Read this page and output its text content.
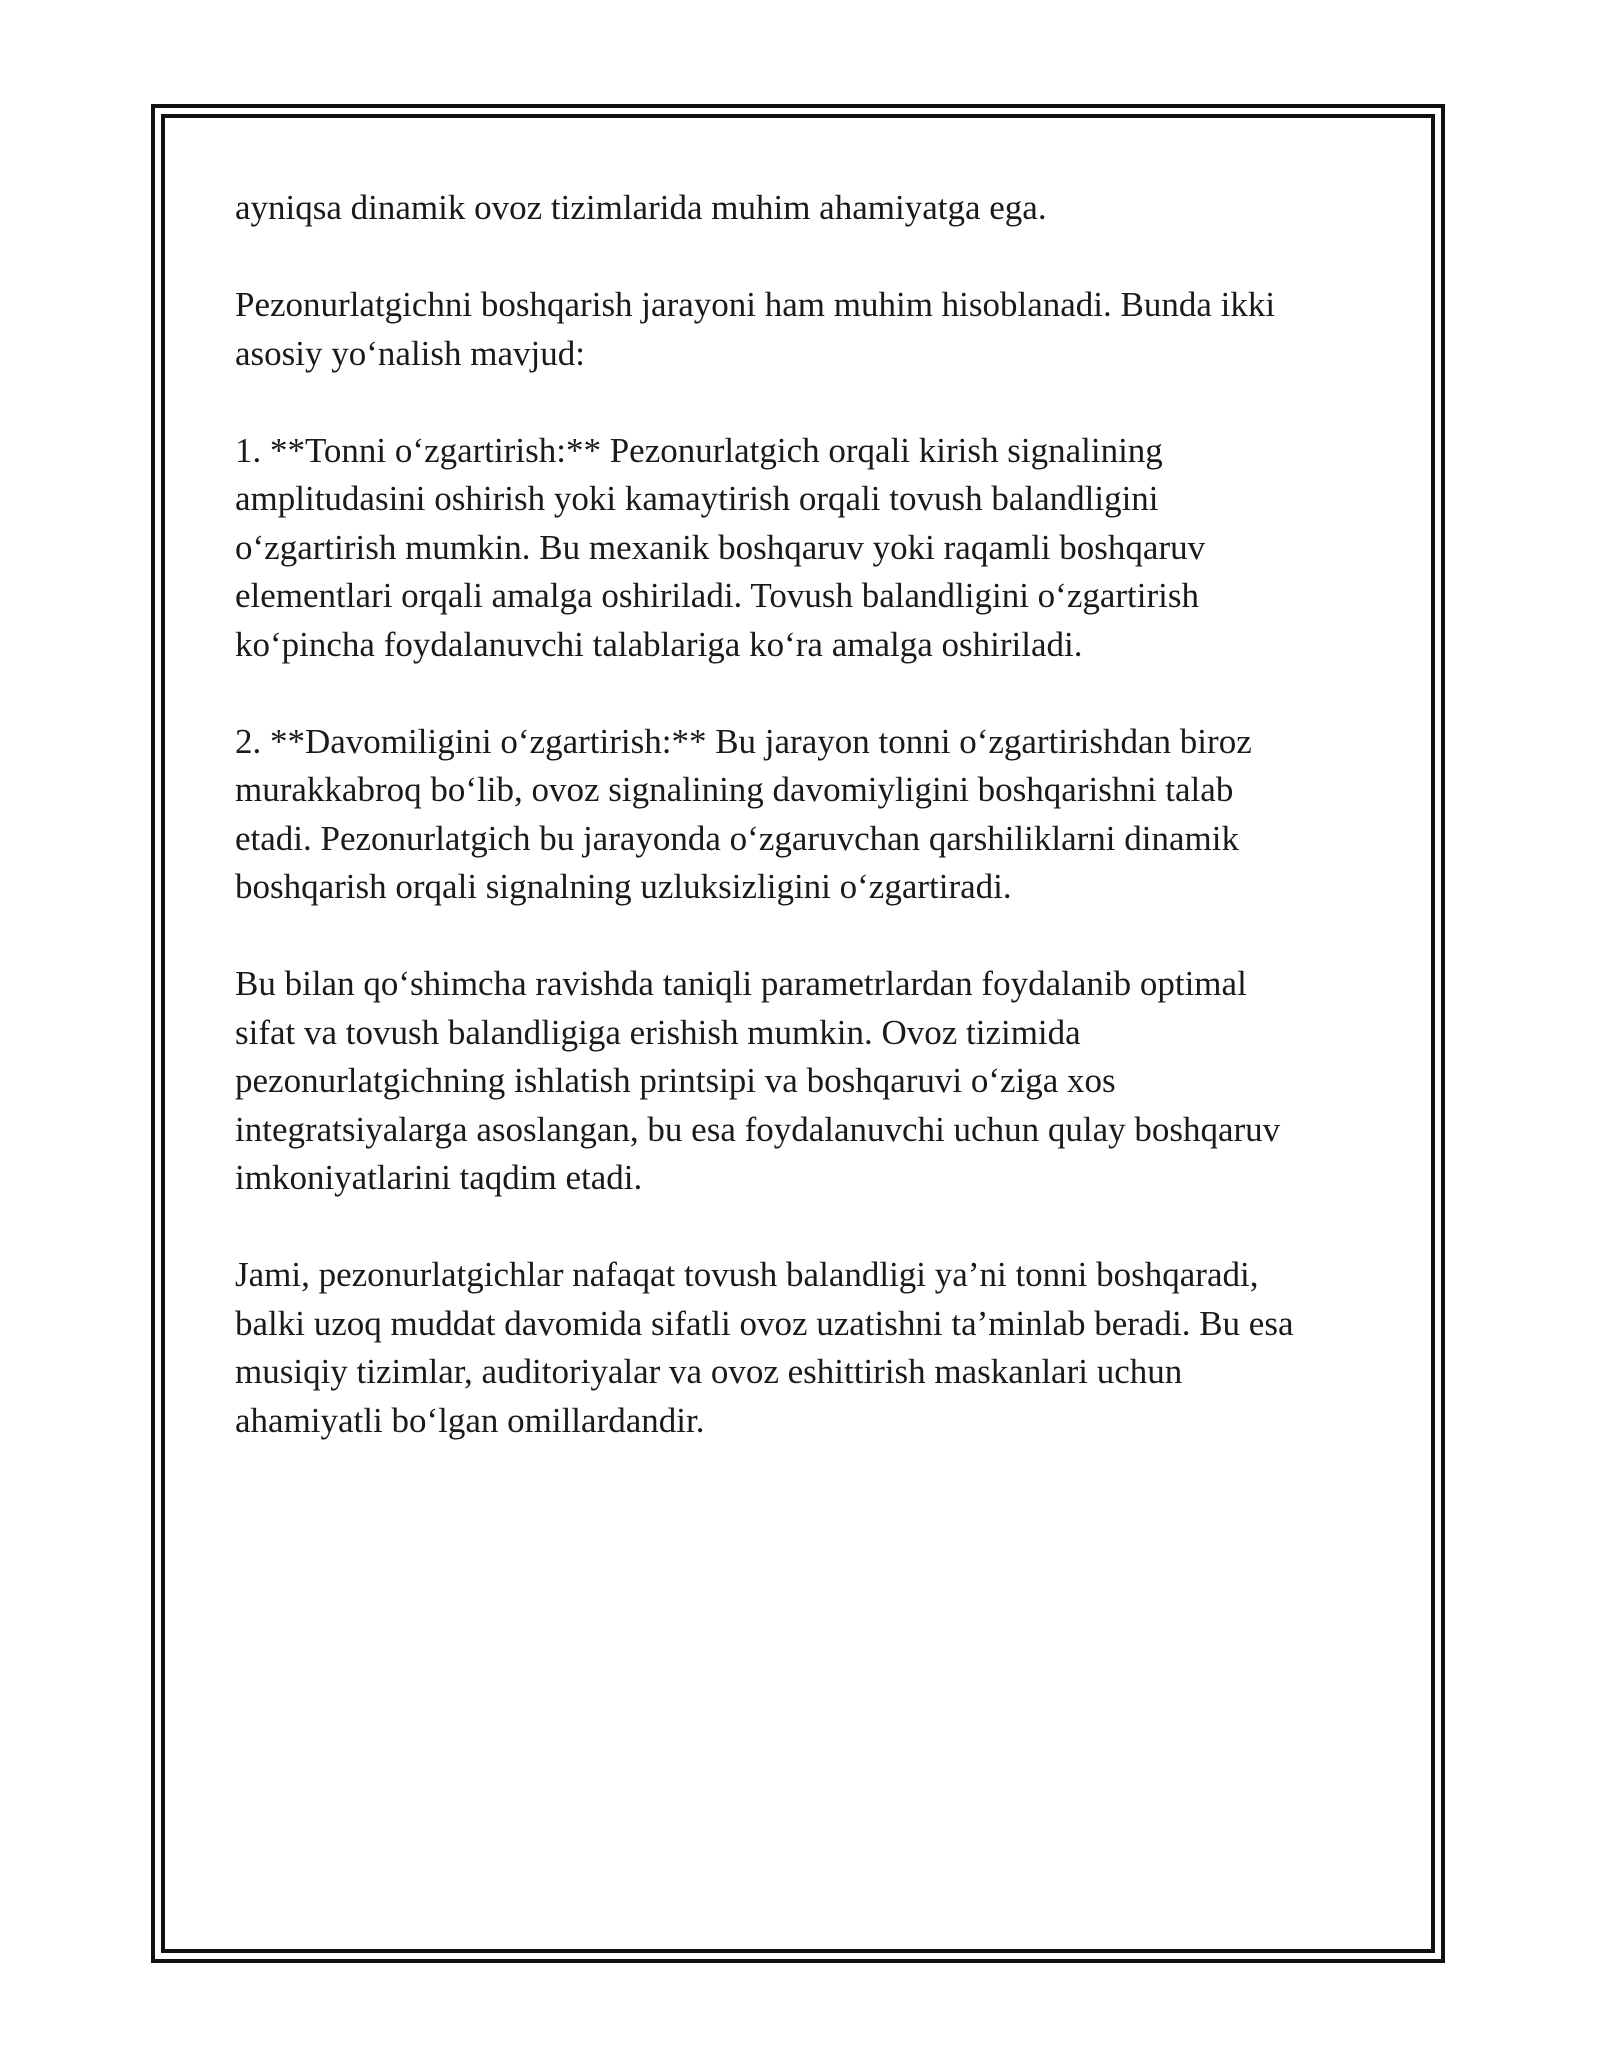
ayniqsa dinamik ovoz tizimlarida muhim ahamiyatga ega.

Pezonurlatgichni boshqarish jarayoni ham muhim hisoblanadi. Bunda ikki
asosiy yo‘nalish mavjud:

1. **Tonni o‘zgartirish:** Pezonurlatgich orqali kirish signalining
amplitudasini oshirish yoki kamaytirish orqali tovush balandligini
o‘zgartirish mumkin. Bu mexanik boshqaruv yoki raqamli boshqaruv
elementlari orqali amalga oshiriladi. Tovush balandligini o‘zgartirish
ko‘pincha foydalanuvchi talablariga ko‘ra amalga oshiriladi.

2. **Davomiligini o‘zgartirish:** Bu jarayon tonni o‘zgartirishdan biroz
murakkabroq bo‘lib, ovoz signalining davomiyligini boshqarishni talab
etadi. Pezonurlatgich bu jarayonda o‘zgaruvchan qarshiliklarni dinamik
boshqarish orqali signalning uzluksizligini o‘zgartiradi.

Bu bilan qo‘shimcha ravishda taniqli parametrlardan foydalanib optimal
sifat va tovush balandligiga erishish mumkin. Ovoz tizimida
pezonurlatgichning ishlatish printsipi va boshqaruvi o‘ziga xos
integratsiyalarga asoslangan, bu esa foydalanuvchi uchun qulay boshqaruv
imkoniyatlarini taqdim etadi.

Jami, pezonurlatgichlar nafaqat tovush balandligi ya’ni tonni boshqaradi,
balki uzoq muddat davomida sifatli ovoz uzatishni ta’minlab beradi. Bu esa
musiqiy tizimlar, auditoriyalar va ovoz eshittirish maskanlari uchun
ahamiyatli bo‘lgan omillardandir.
